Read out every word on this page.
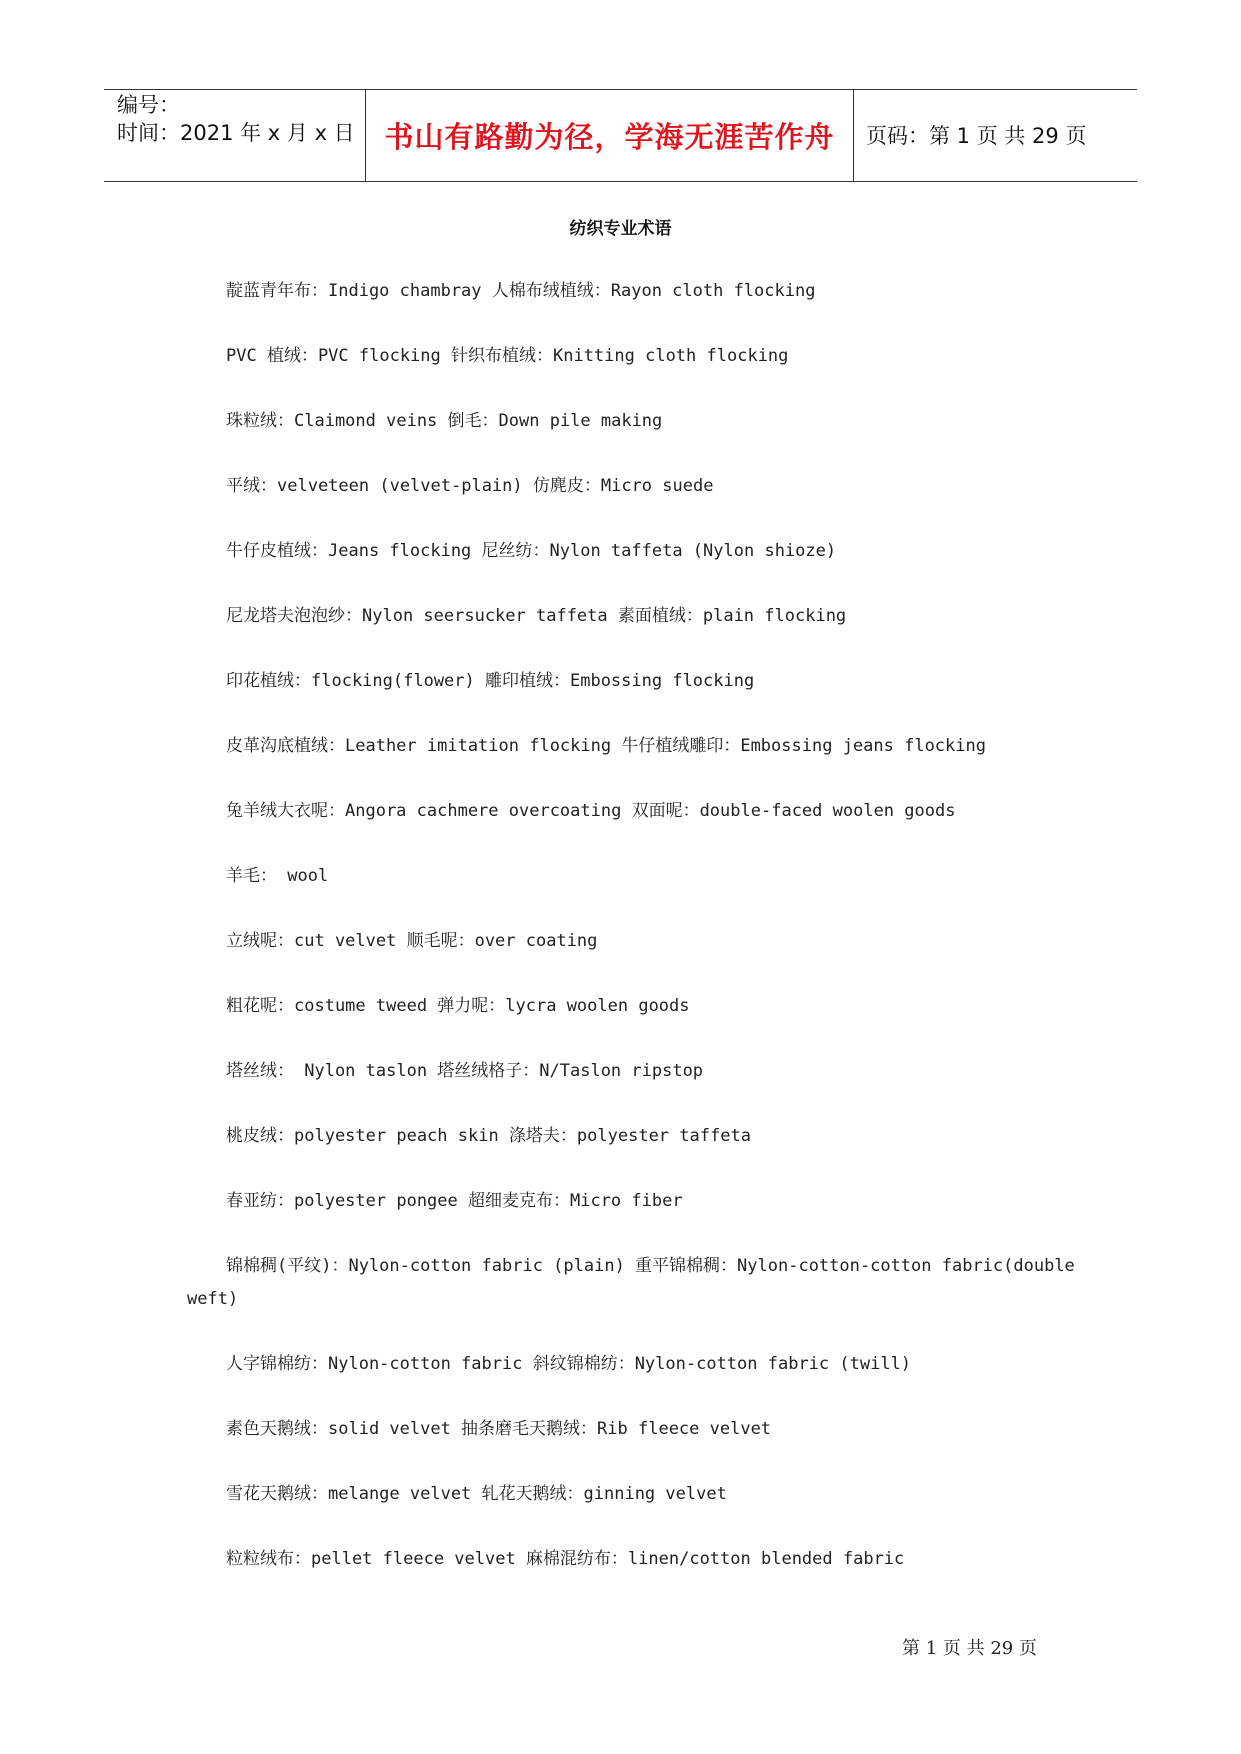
编号：
时间：2021 年 x 月 x 日	书山有路勤为径，学海无涯苦作舟	页码：第 1 页 共 29 页
纺织专业术语
靛蓝青年布：Indigo chambray 人棉布绒植绒：Rayon cloth flocking
PVC 植绒：PVC flocking 针织布植绒：Knitting cloth flocking
珠粒绒：Claimond veins 倒毛：Down pile making
平绒：velveteen (velvet-plain) 仿麂皮：Micro suede
牛仔皮植绒：Jeans flocking 尼丝纺：Nylon taffeta (Nylon shioze)
尼龙塔夫泡泡纱：Nylon seersucker taffeta 素面植绒：plain flocking
印花植绒：flocking(flower) 雕印植绒：Embossing flocking
皮革沟底植绒：Leather imitation flocking 牛仔植绒雕印：Embossing jeans flocking
兔羊绒大衣呢：Angora cachmere overcoating 双面呢：double-faced woolen goods
羊毛： wool
立绒呢：cut velvet 顺毛呢：over coating
粗花呢：costume tweed 弹力呢：lycra woolen goods
塔丝绒： Nylon taslon 塔丝绒格子：N/Taslon ripstop
桃皮绒：polyester peach skin 涤塔夫：polyester taffeta
春亚纺：polyester pongee 超细麦克布：Micro fiber
锦棉稠(平纹)：Nylon-cotton fabric (plain) 重平锦棉稠：Nylon-cotton-cotton fabric(double
weft)
人字锦棉纺：Nylon-cotton fabric 斜纹锦棉纺：Nylon-cotton fabric (twill)
素色天鹅绒：solid velvet 抽条磨毛天鹅绒：Rib fleece velvet
雪花天鹅绒：melange velvet 轧花天鹅绒：ginning velvet
粒粒绒布：pellet fleece velvet 麻棉混纺布：linen/cotton blended fabric
第 1 页 共 29 页
